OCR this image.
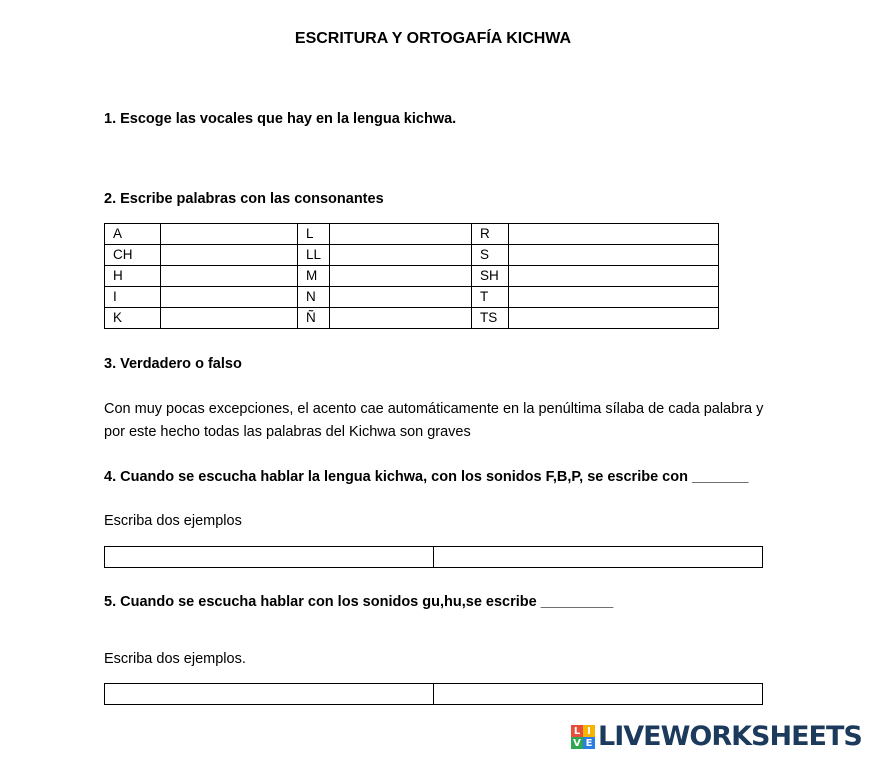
ESCRITURA Y ORTOGAFÍA KICHWA
1. Escoge las vocales que hay en la lengua kichwa.
2. Escribe palabras con las consonantes
A		L		R	
CH		LL		S	
H		M		SH	
I		N		T	
K		Ñ		TS	
3. Verdadero o falso
Con muy pocas excepciones, el acento cae automáticamente en la penúltima sílaba de cada palabra y por este hecho todas las palabras del Kichwa son graves
4. Cuando se escucha hablar la lengua kichwa, con los sonidos F,B,P, se escribe con _______
Escriba dos ejemplos

5. Cuando se escucha hablar con los sonidos gu,hu,se escribe _________
Escriba dos ejemplos.

L I
V E LIVEWORKSHEETS
